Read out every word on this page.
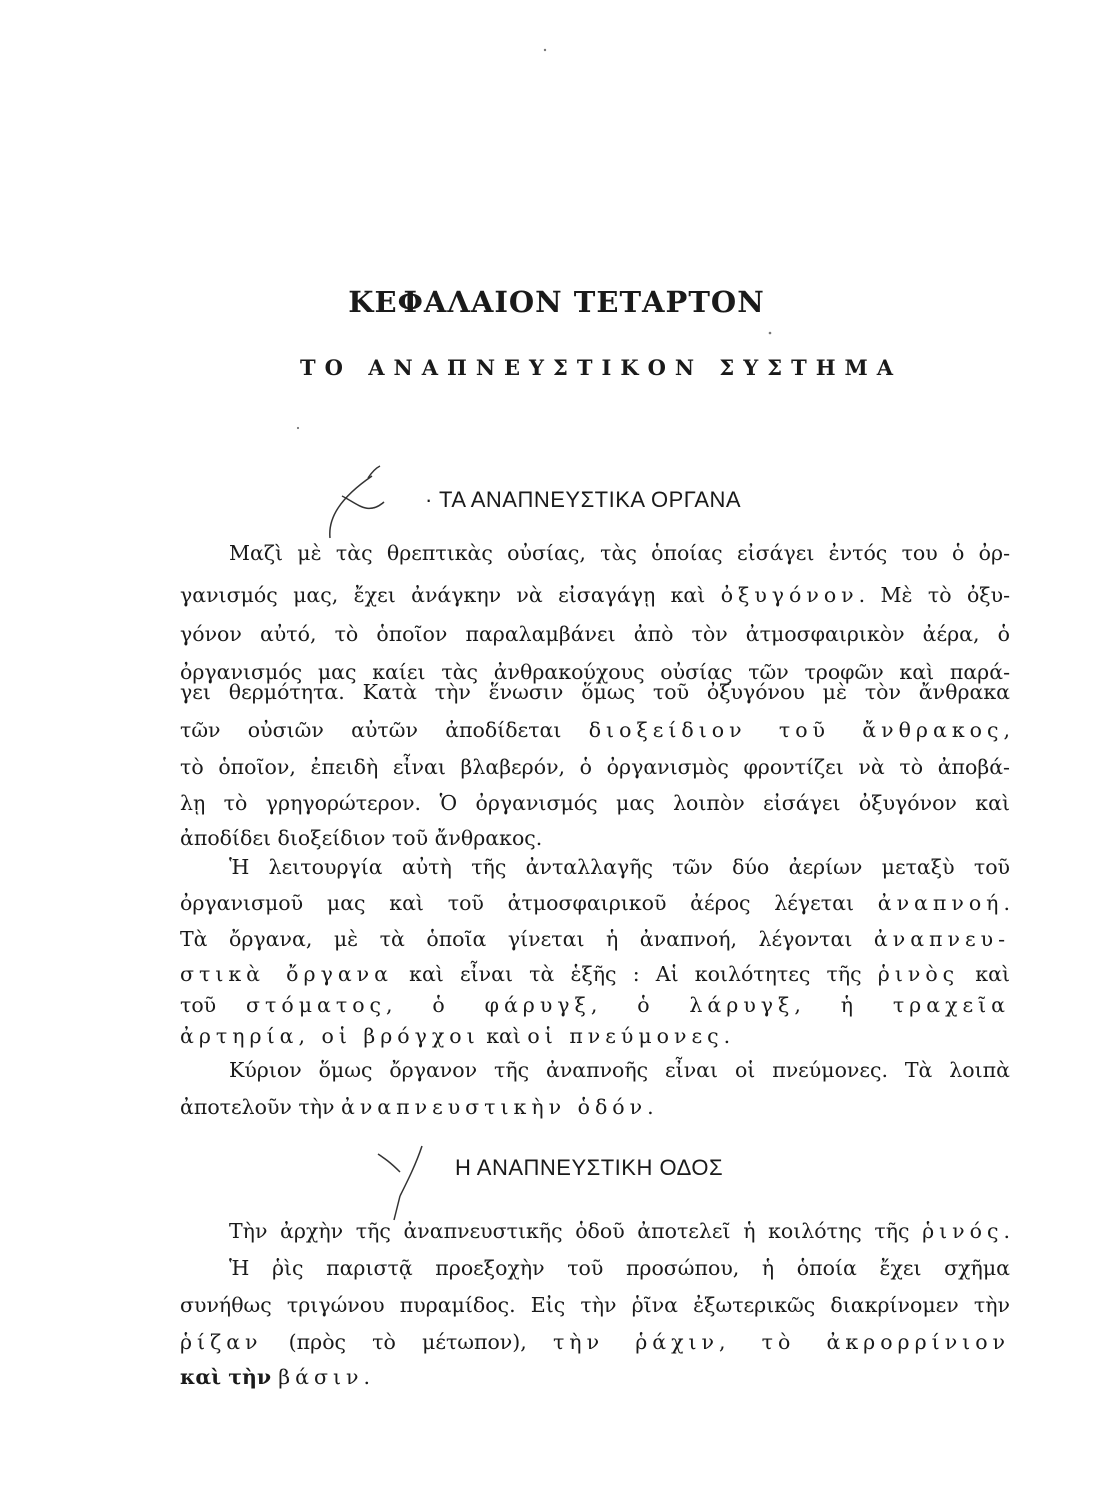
ΚΕΦΑΛΑΙΟΝ ΤΕΤΑΡΤΟΝ
ΤΟ ΑΝΑΠΝΕΥΣΤΙΚΟΝ ΣΥΣΤΗΜΑ
· ΤΑ ΑΝΑΠΝΕΥΣΤΙΚΑ ΟΡΓΑΝΑ
Μαζὶ μὲ τὰς θρεπτικὰς οὐσίας, τὰς ὁποίας εἰσάγει ἐντός του ὁ ὀρ-
γανισμός μας, ἔχει ἀνάγκην νὰ εἰσαγάγῃ καὶ ὀξυγόνον. Μὲ τὸ ὀξυ-
γόνον αὐτό, τὸ ὁποῖον παραλαμβάνει ἀπὸ τὸν ἀτμοσφαιρικὸν ἀέρα, ὁ
ὀργανισμός μας καίει τὰς ἀνθρακούχους οὐσίας τῶν τροφῶν καὶ παρά-
γει θερμότητα. Κατὰ τὴν ἕνωσιν ὅμως τοῦ ὀξυγόνου μὲ τὸν ἄνθρακα
τῶν οὐσιῶν αὐτῶν ἀποδίδεται διοξείδιον τοῦ ἄνθρακος,
τὸ ὁποῖον, ἐπειδὴ εἶναι βλαβερόν, ὁ ὀργανισμὸς φροντίζει νὰ τὸ ἀποβά-
λῃ τὸ γρηγορώτερον. Ὁ ὀργανισμός μας λοιπὸν εἰσάγει ὀξυγόνον καὶ
ἀποδίδει διοξείδιον τοῦ ἄνθρακος.
Ἡ λειτουργία αὐτὴ τῆς ἀνταλλαγῆς τῶν δύο ἀερίων μεταξὺ τοῦ
ὀργανισμοῦ μας καὶ τοῦ ἀτμοσφαιρικοῦ ἀέρος λέγεται ἀναπνοή.
Τὰ ὄργανα, μὲ τὰ ὁποῖα γίνεται ἡ ἀναπνοή, λέγονται ἀναπνευ-
στικὰ ὄργανα καὶ εἶναι τὰ ἑξῆς : Αἱ κοιλότητες τῆς ῥινὸς καὶ
τοῦ στόματος, ὁ φάρυγξ, ὁ λάρυγξ, ἡ τραχεῖα
ἀρτηρία, οἱ βρόγχοι καὶ οἱ πνεύμονες.
Κύριον ὅμως ὄργανον τῆς ἀναπνοῆς εἶναι οἱ πνεύμονες. Τὰ λοιπὰ
ἀποτελοῦν τὴν ἀναπνευστικὴν ὁδόν.
Η ΑΝΑΠΝΕΥΣΤΙΚΗ ΟΔΟΣ
Τὴν ἀρχὴν τῆς ἀναπνευστικῆς ὁδοῦ ἀποτελεῖ ἡ κοιλότης τῆς ῥινός.
Ἡ ῥὶς παριστᾷ προεξοχὴν τοῦ προσώπου, ἡ ὁποία ἔχει σχῆμα
συνήθως τριγώνου πυραμίδος. Εἰς τὴν ῥῖνα ἐξωτερικῶς διακρίνομεν τὴν
ῥίζαν (πρὸς τὸ μέτωπον), τὴν ῥάχιν, τὸ ἀκρορρίνιον
καὶ τὴν βάσιν.
